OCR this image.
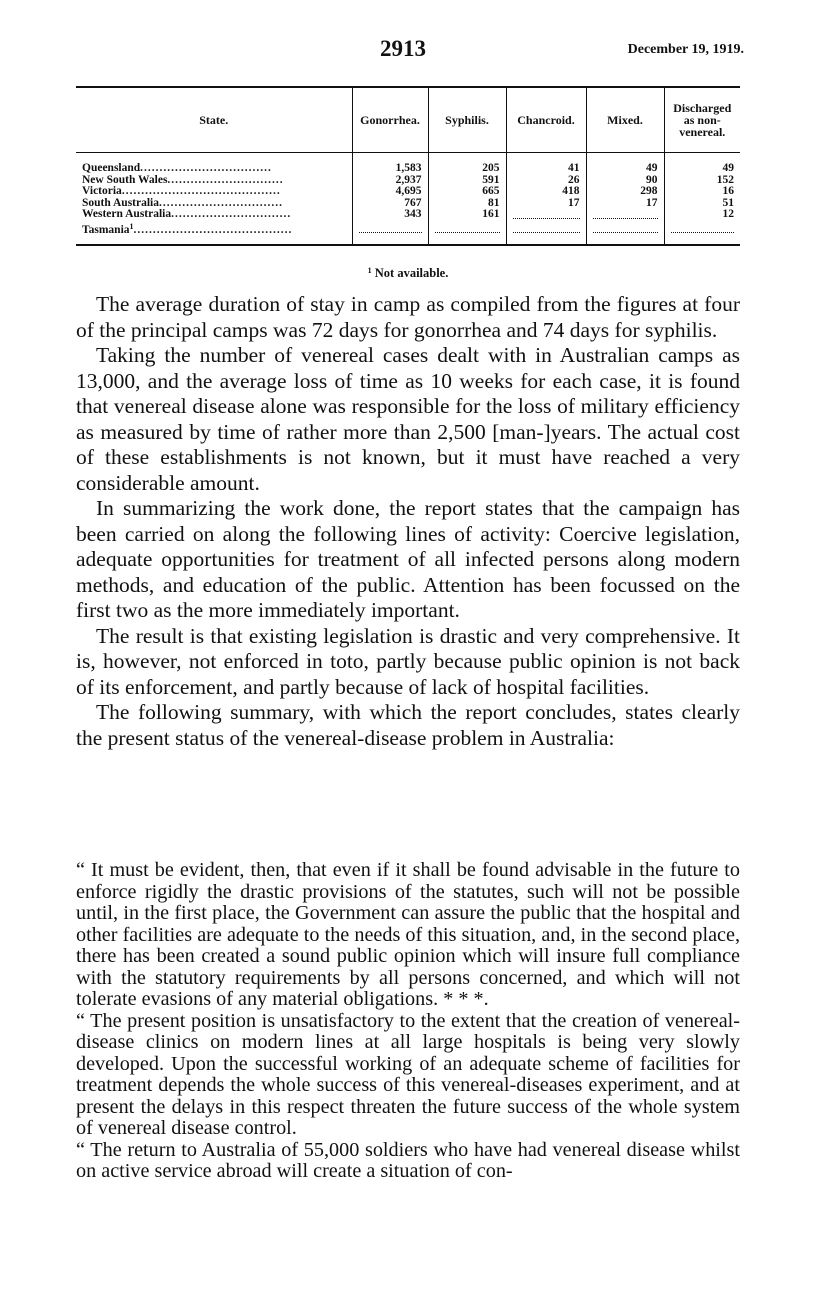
2913	December 19, 1919.
State.	Gonorrhea.	Syphilis.	Chancroid.	Mixed.	Discharged as non-venereal.
Queensland..................................	1,583	205	41	49	49
New South Wales..............................	2,937	591	26	90	152
Victoria.........................................	4,695	665	418	298	16
South Australia................................	767	81	17	17	51
Western Australia...............................	343	161			12
Tasmania$^1$.........................................	

$^1$ Not available.

The average duration of stay in camp as compiled from the figures at four of the principal camps was 72 days for gonorrhea and 74 days for syphilis.

Taking the number of venereal cases dealt with in Australian camps as 13,000, and the average loss of time as 10 weeks for each case, it is found that venereal disease alone was responsible for the loss of military efficiency as measured by time of rather more than 2,500 [man-]years. The actual cost of these establishments is not known, but it must have reached a very considerable amount.

In summarizing the work done, the report states that the campaign has been carried on along the following lines of activity: Coercive legislation, adequate opportunities for treatment of all infected persons along modern methods, and education of the public. Attention has been focussed on the first two as the more immediately important.

The result is that existing legislation is drastic and very comprehensive. It is, however, not enforced in toto, partly because public opinion is not back of its enforcement, and partly because of lack of hospital facilities.

The following summary, with which the report concludes, states clearly the present status of the venereal-disease problem in Australia:

“ It must be evident, then, that even if it shall be found advisable in the future to enforce rigidly the drastic provisions of the statutes, such will not be possible until, in the first place, the Government can assure the public that the hospital and other facilities are adequate to the needs of this situation, and, in the second place, there has been created a sound public opinion which will insure full compliance with the statutory requirements by all persons concerned, and which will not tolerate evasions of any material obligations. * * *.

“ The present position is unsatisfactory to the extent that the creation of venereal-disease clinics on modern lines at all large hospitals is being very slowly developed. Upon the successful working of an adequate scheme of facilities for treatment depends the whole success of this venereal-diseases experiment, and at present the delays in this respect threaten the future success of the whole system of venereal disease control.

“ The return to Australia of 55,000 soldiers who have had venereal disease whilst on active service abroad will create a situation of con-
